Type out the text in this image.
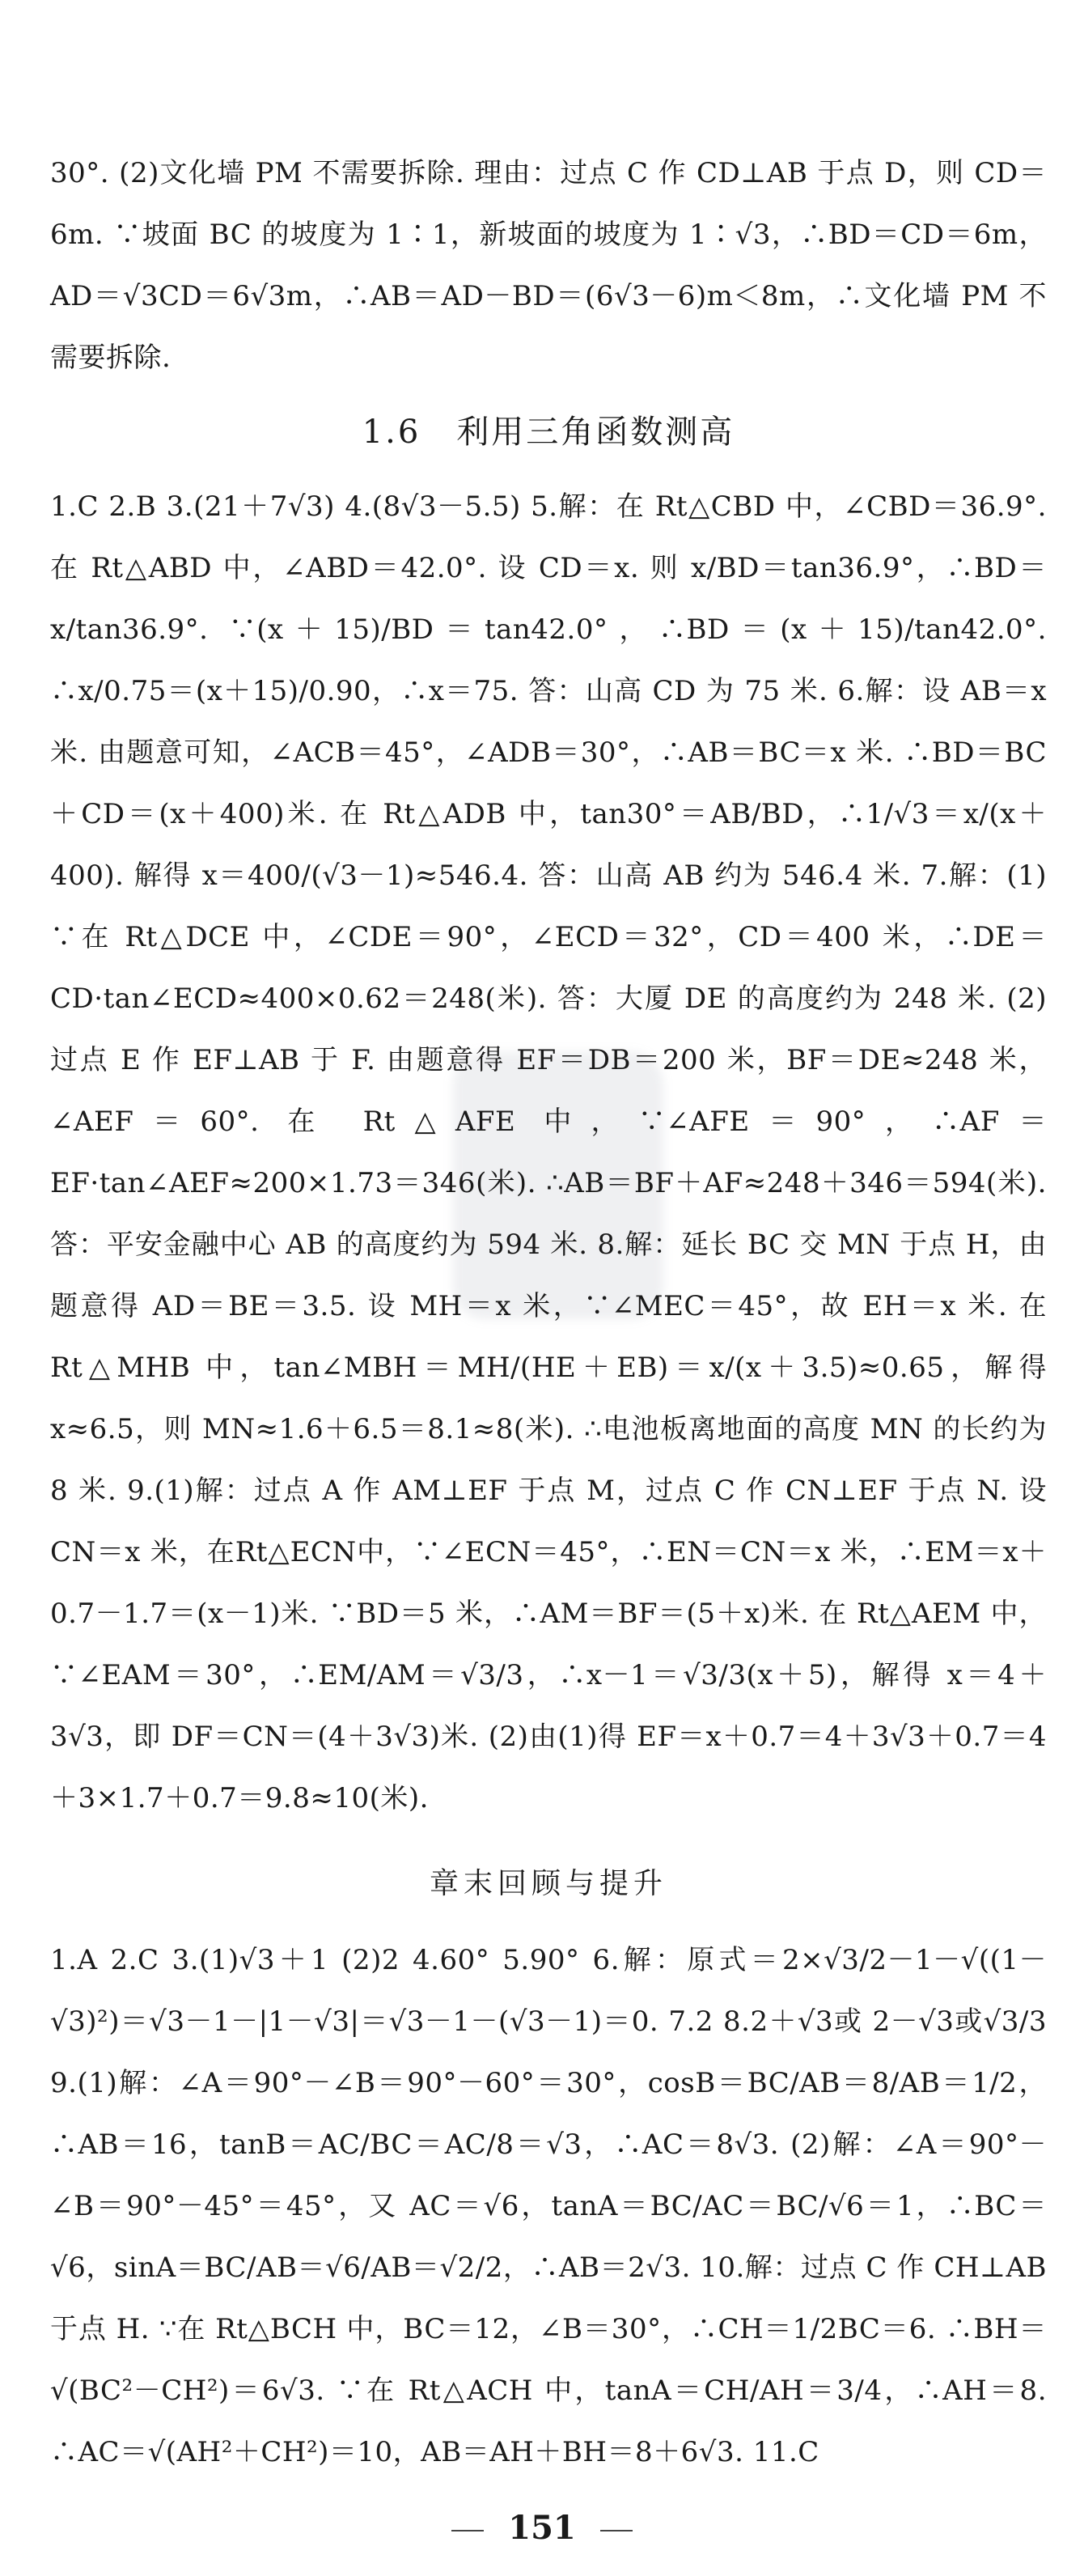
30°. (2)文化墙 PM 不需要拆除. 理由：过点 C 作 CD⊥AB 于点 D，则 CD＝6m. ∵坡面 BC 的坡度为 1∶1，新坡面的坡度为 1∶√3，∴BD＝CD＝6m，AD＝√3CD＝6√3m，∴AB＝AD－BD＝(6√3－6)m＜8m，∴文化墙 PM 不需要拆除.

1.6 利用三角函数测高

1.C 2.B 3.(21＋7√3) 4.(8√3－5.5) 5.解：在 Rt△CBD 中，∠CBD＝36.9°. 在 Rt△ABD 中，∠ABD＝42.0°. 设 CD＝x. 则 x/BD＝tan36.9°，∴BD＝x/tan36.9°. ∵(x＋15)/BD＝tan42.0°，∴BD＝(x＋15)/tan42.0°. ∴x/0.75＝(x＋15)/0.90，∴x＝75. 答：山高 CD 为 75 米. 6.解：设 AB＝x 米. 由题意可知，∠ACB＝45°，∠ADB＝30°，∴AB＝BC＝x 米. ∴BD＝BC＋CD＝(x＋400)米. 在 Rt△ADB 中，tan30°＝AB/BD，∴1/√3＝x/(x＋400). 解得 x＝400/(√3－1)≈546.4. 答：山高 AB 约为 546.4 米. 7.解：(1) ∵在 Rt△DCE 中，∠CDE＝90°，∠ECD＝32°，CD＝400 米，∴DE＝CD·tan∠ECD≈400×0.62＝248(米). 答：大厦 DE 的高度约为 248 米. (2)过点 E 作 EF⊥AB 于 F. 由题意得 EF＝DB＝200 米，BF＝DE≈248 米，∠AEF＝60°. 在 Rt△AFE 中，∵∠AFE＝90°，∴AF＝EF·tan∠AEF≈200×1.73＝346(米). ∴AB＝BF＋AF≈248＋346＝594(米). 答：平安金融中心 AB 的高度约为 594 米. 8.解：延长 BC 交 MN 于点 H，由题意得 AD＝BE＝3.5. 设 MH＝x 米，∵∠MEC＝45°，故 EH＝x 米. 在 Rt△MHB 中，tan∠MBH＝MH/(HE＋EB)＝x/(x＋3.5)≈0.65，解得 x≈6.5，则 MN≈1.6＋6.5＝8.1≈8(米). ∴电池板离地面的高度 MN 的长约为 8 米. 9.(1)解：过点 A 作 AM⊥EF 于点 M，过点 C 作 CN⊥EF 于点 N. 设 CN＝x 米，在Rt△ECN中，∵∠ECN＝45°，∴EN＝CN＝x 米，∴EM＝x＋0.7－1.7＝(x－1)米. ∵BD＝5 米，∴AM＝BF＝(5＋x)米. 在 Rt△AEM 中，∵∠EAM＝30°，∴EM/AM＝√3/3，∴x－1＝√3/3(x＋5)，解得 x＝4＋3√3，即 DF＝CN＝(4＋3√3)米. (2)由(1)得 EF＝x＋0.7＝4＋3√3＋0.7＝4＋3×1.7＋0.7＝9.8≈10(米).

章末回顾与提升

1.A 2.C 3.(1)√3＋1 (2)2 4.60° 5.90° 6.解：原式＝2×√3/2－1－√((1－√3)²)＝√3－1－|1－√3|＝√3－1－(√3－1)＝0. 7.2 8.2＋√3或 2－√3或√3/3 9.(1)解：∠A＝90°－∠B＝90°－60°＝30°，cosB＝BC/AB＝8/AB＝1/2，∴AB＝16，tanB＝AC/BC＝AC/8＝√3，∴AC＝8√3. (2)解：∠A＝90°－∠B＝90°－45°＝45°，又 AC＝√6，tanA＝BC/AC＝BC/√6＝1，∴BC＝√6，sinA＝BC/AB＝√6/AB＝√2/2，∴AB＝2√3. 10.解：过点 C 作 CH⊥AB 于点 H. ∵在 Rt△BCH 中，BC＝12，∠B＝30°，∴CH＝1/2BC＝6. ∴BH＝√(BC²－CH²)＝6√3. ∵在 Rt△ACH 中，tanA＝CH/AH＝3/4，∴AH＝8. ∴AC＝√(AH²＋CH²)＝10，AB＝AH＋BH＝8＋6√3. 11.C

151
